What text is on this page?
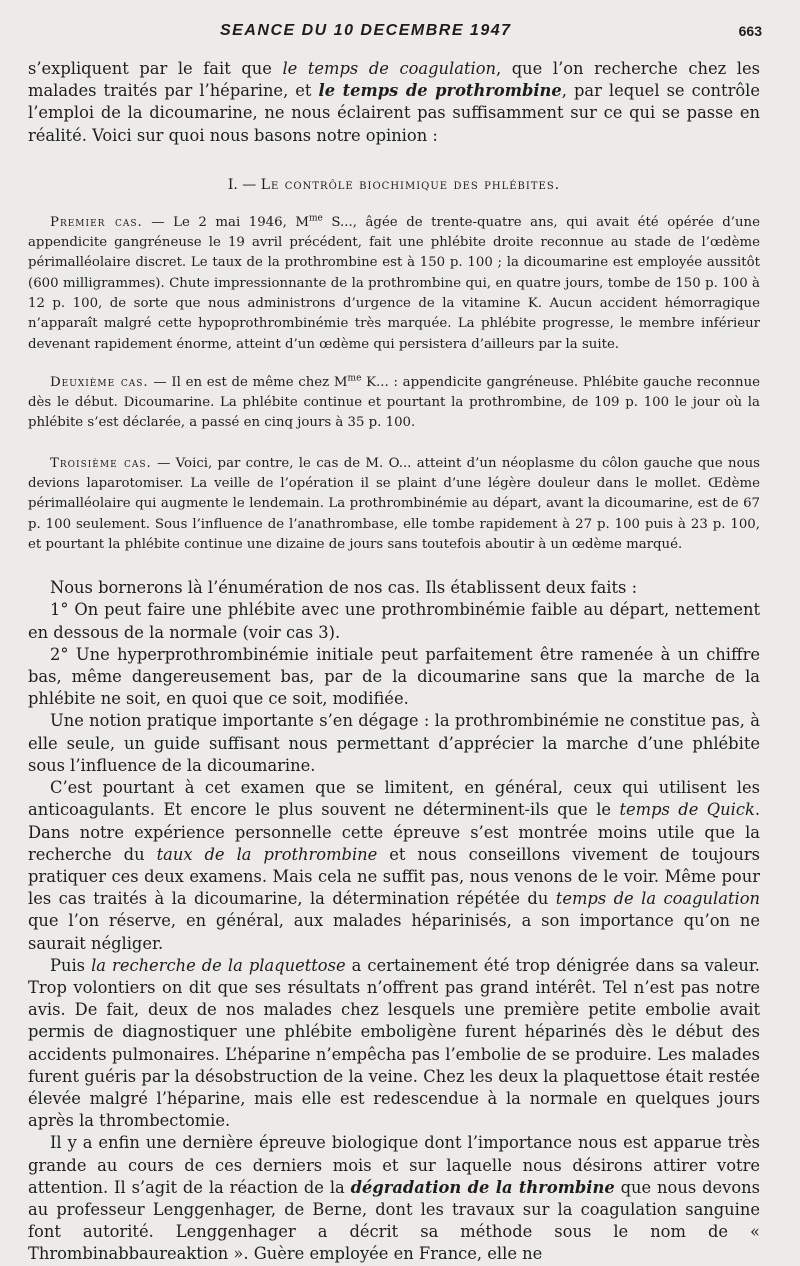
SEANCE DU 10 DECEMBRE 1947	663

s’expliquent par le fait que le temps de coagulation, que l’on recherche chez les malades traités par l’héparine, et le temps de prothrombine, par lequel se contrôle l’emploi de la dicoumarine, ne nous éclairent pas suffisamment sur ce qui se passe en réalité. Voici sur quoi nous basons notre opinion :

I. — Le contrôle biochimique des phlébites.

Premier cas. — Le 2 mai 1946, $M^{me}$ S..., âgée de trente-quatre ans, qui avait été opérée d’une appendicite gangréneuse le 19 avril précédent, fait une phlébite droite reconnue au stade de l’œdème périmalléolaire discret. Le taux de la prothrombine est à 150 p. 100 ; la dicoumarine est employée aussitôt (600 milligrammes). Chute impressionnante de la prothrombine qui, en quatre jours, tombe de 150 p. 100 à 12 p. 100, de sorte que nous administrons d’urgence de la vitamine K. Aucun accident hémorragique n’apparaît malgré cette hypoprothrombinémie très marquée. La phlébite progresse, le membre inférieur devenant rapidement énorme, atteint d’un œdème qui persistera d’ailleurs par la suite.

Deuxième cas. — Il en est de même chez $M^{me}$ K... : appendicite gangréneuse. Phlébite gauche reconnue dès le début. Dicoumarine. La phlébite continue et pourtant la prothrombine, de 109 p. 100 le jour où la phlébite s’est déclarée, a passé en cinq jours à 35 p. 100.

Troisième cas. — Voici, par contre, le cas de M. O... atteint d’un néoplasme du côlon gauche que nous devions laparotomiser. La veille de l’opération il se plaint d’une légère douleur dans le mollet. Œdème périmalléolaire qui augmente le lendemain. La prothrombinémie au départ, avant la dicoumarine, est de 67 p. 100 seulement. Sous l’influence de l’anathrombase, elle tombe rapidement à 27 p. 100 puis à 23 p. 100, et pourtant la phlébite continue une dizaine de jours sans toutefois aboutir à un œdème marqué.

Nous bornerons là l’énumération de nos cas. Ils établissent deux faits :

1° On peut faire une phlébite avec une prothrombinémie faible au départ, nettement en dessous de la normale (voir cas 3).

2° Une hyperprothrombinémie initiale peut parfaitement être ramenée à un chiffre bas, même dangereusement bas, par de la dicoumarine sans que la marche de la phlébite ne soit, en quoi que ce soit, modifiée.

Une notion pratique importante s’en dégage : la prothrombinémie ne constitue pas, à elle seule, un guide suffisant nous permettant d’apprécier la marche d’une phlébite sous l’influence de la dicoumarine.

C’est pourtant à cet examen que se limitent, en général, ceux qui utilisent les anticoagulants. Et encore le plus souvent ne déterminent-ils que le temps de Quick. Dans notre expérience personnelle cette épreuve s’est montrée moins utile que la recherche du taux de la prothrombine et nous conseillons vivement de toujours pratiquer ces deux examens. Mais cela ne suffit pas, nous venons de le voir. Même pour les cas traités à la dicoumarine, la détermination répétée du temps de la coagulation que l’on réserve, en général, aux malades héparinisés, a son importance qu’on ne saurait négliger.

Puis la recherche de la plaquettose a certainement été trop dénigrée dans sa valeur. Trop volontiers on dit que ses résultats n’offrent pas grand intérêt. Tel n’est pas notre avis. De fait, deux de nos malades chez lesquels une première petite embolie avait permis de diagnostiquer une phlébite emboligène furent héparinés dès le début des accidents pulmonaires. L’héparine n’empêcha pas l’embolie de se produire. Les malades furent guéris par la désobstruction de la veine. Chez les deux la plaquettose était restée élevée malgré l’héparine, mais elle est redescendue à la normale en quelques jours après la thrombectomie.

Il y a enfin une dernière épreuve biologique dont l’importance nous est apparue très grande au cours de ces derniers mois et sur laquelle nous désirons attirer votre attention. Il s’agit de la réaction de la dégradation de la thrombine que nous devons au professeur Lenggenhager, de Berne, dont les travaux sur la coagulation sanguine font autorité. Lenggenhager a décrit sa méthode sous le nom de « Thrombinabbaureaktion ». Guère employée en France, elle ne
